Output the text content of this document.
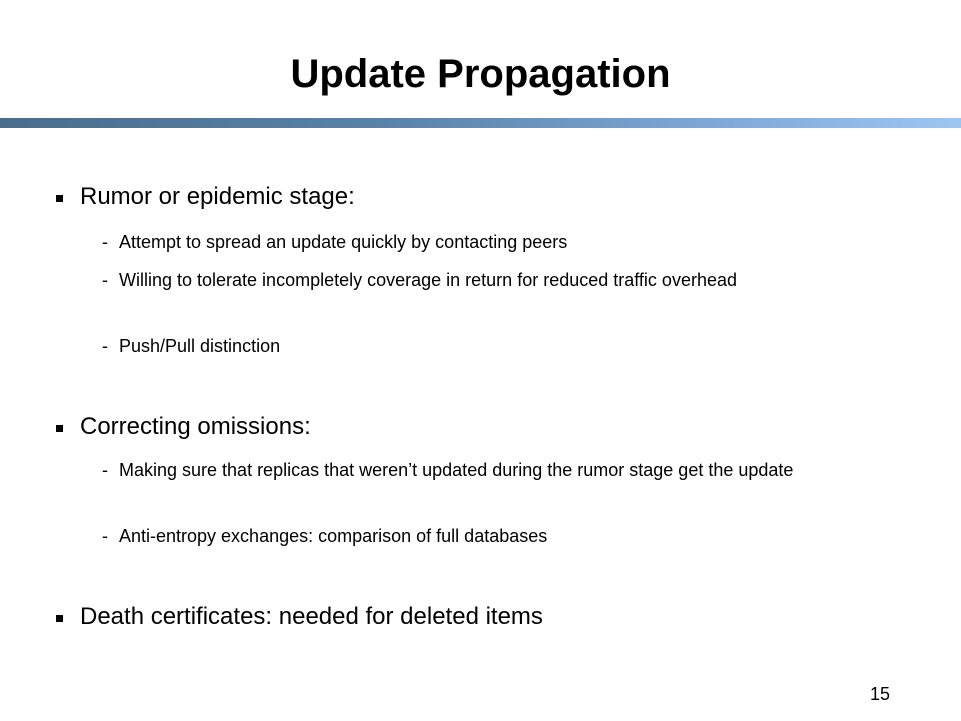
Update Propagation
Rumor or epidemic stage:
- Attempt to spread an update quickly by contacting peers
- Willing to tolerate incompletely coverage in return for reduced traffic overhead
- Push/Pull distinction
Correcting omissions:
- Making sure that replicas that weren’t updated during the rumor stage get the update
- Anti-entropy exchanges: comparison of full databases
Death certificates: needed for deleted items
15
